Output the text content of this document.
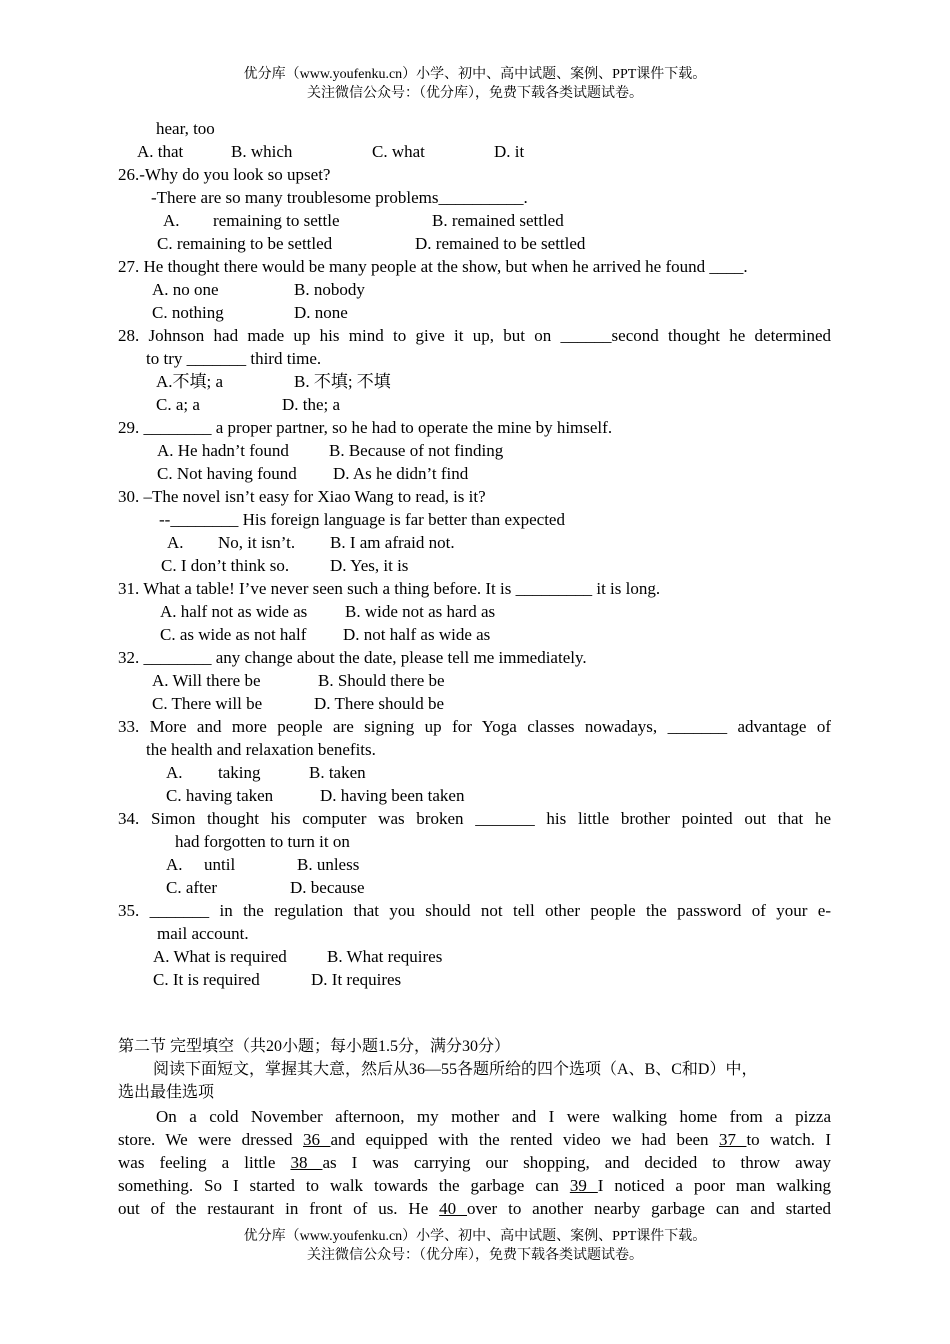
优分库（www.youfenku.cn）小学、初中、高中试题、案例、PPT课件下载。
关注微信公众号：（优分库），免费下载各类试题试卷。
hear, too
A. that	B. which	C. what	D. it
26.-Why do you look so upset?
-There are so many troublesome problems__________.
A. remaining to settle	B. remained settled
C. remaining to be settled	D. remained to be settled
27. He thought there would be many people at the show, but when he arrived he found ____.
A. no one	B. nobody
C. nothing	D. none
28. Johnson had made up his mind to give it up, but on ______second thought he determined
to try _______ third time.
A.不填; a	B. 不填; 不填
C. a; a	D. the; a
29. ________ a proper partner, so he had to operate the mine by himself.
A. He hadn’t found B. Because of not finding
C. Not having found D. As he didn’t find
30. –The novel isn’t easy for Xiao Wang to read, is it?
--________ His foreign language is far better than expected
A. No, it isn’t. B. I am afraid not.
C. I don’t think so. D. Yes, it is
31. What a table! I’ve never seen such a thing before. It is _________ it is long.
A. half not as wide as B. wide not as hard as
C. as wide as not half D. not half as wide as
32. ________ any change about the date, please tell me immediately.
A. Will there be	B. Should there be
C. There will be	D. There should be
33. More and more people are signing up for Yoga classes nowadays, _______ advantage of
the health and relaxation benefits.
A. taking	B. taken
C. having taken	D. having been taken
34. Simon thought his computer was broken _______ his little brother pointed out that he
had forgotten to turn it on
A. until	B. unless
C. after	D. because
35. _______ in the regulation that you should not tell other people the password of your e-
mail account.
A. What is required B. What requires
C. It is required	D. It requires
第二节 完型填空（共20小题；每小题1.5分，满分30分）
阅读下面短文，掌握其大意，然后从36—55各题所给的四个选项（A、B、C和D）中，
选出最佳选项
On a cold November afternoon, my mother and I were walking home from a pizza
store. We were dressed 36 and equipped with the rented video we had been 37 to watch. I
was feeling a little 38 as I was carrying our shopping, and decided to throw away
something. So I started to walk towards the garbage can 39 I noticed a poor man walking
out of the restaurant in front of us. He 40 over to another nearby garbage can and started
优分库（www.youfenku.cn）小学、初中、高中试题、案例、PPT课件下载。
关注微信公众号：（优分库），免费下载各类试题试卷。
